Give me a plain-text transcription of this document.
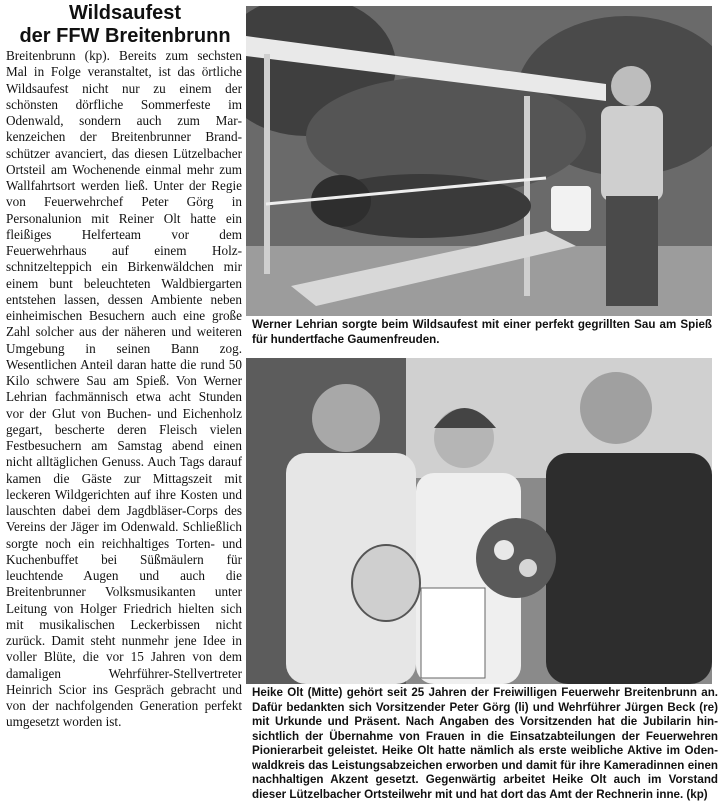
Wildsaufest
der FFW Breitenbrunn

Breitenbrunn (kp). Bereits zum sechsten Mal in Folge veranstaltet, ist das örtliche Wildsaufest nicht nur zu einem der schönsten dörfliche Sommerfeste im Odenwald, sondern auch zum Markenzeichen der Breitenbrunner Brandschützer avanciert, das diesen Lützelbacher Ortsteil am Wochenende einmal mehr zum Wallfahrtsort werden ließ. Unter der Regie von Feuerwehrchef Peter Görg in Personalunion mit Reiner Olt hatte ein fleißiges Helferteam vor dem Feuerwehrhaus auf einem Holzschnitzelteppich ein Birkenwäldchen mir einem bunt beleuchteten Waldbiergarten entstehen lassen, dessen Ambiente neben einheimischen Besuchern auch eine große Zahl solcher aus der näheren und weiteren Umgebung in seinen Bann zog. Wesentlichen Anteil daran hatte die rund 50 Kilo schwere Sau am Spieß. Von Werner Lehrian fachmännisch etwa acht Stunden vor der Glut von Buchen- und Eichenholz gegart, bescherte deren Fleisch vielen Festbesuchern am Samstag abend einen nicht alltäglichen Genuss. Auch Tags darauf kamen die Gäste zur Mittagszeit mit leckeren Wildgerichten auf ihre Kosten und lauschten dabei dem Jagdbläser-Corps des Vereins der Jäger im Odenwald. Schließlich sorgte noch ein reichhaltiges Torten- und Kuchenbuffet bei Süßmäulern für leuchtende Augen und auch die Breitenbrunner Volksmusikanten unter Leitung von Holger Friedrich hielten sich mit musikalischen Leckerbissen nicht zurück. Damit steht nunmehr jene Idee in voller Blüte, die vor 15 Jahren von dem damaligen Wehrführer-Stellvertreter Heinrich Scior ins Gespräch gebracht und von der nachfolgenden Generation perfekt umgesetzt worden ist.

Werner Lehrian sorgte beim Wildsaufest mit einer perfekt gegrillten Sau am Spieß für hundertfache Gaumenfreuden.

Heike Olt (Mitte) gehört seit 25 Jahren der Freiwilligen Feuerwehr Breitenbrunn an. Dafür bedankten sich Vorsitzender Peter Görg (li) und Wehrführer Jürgen Beck (re) mit Urkunde und Präsent. Nach Angaben des Vorsitzenden hat die Jubilarin hinsichtlich der Übernahme von Frauen in die Einsatzabteilungen der Feuerwehren Pionierarbeit geleistet. Heike Olt hatte nämlich als erste weibliche Aktive im Odenwaldkreis das Leistungsabzeichen erworben und damit für ihre Kameradinnen einen nachhaltigen Akzent gesetzt. Gegenwärtig arbeitet Heike Olt auch im Vorstand dieser Lützelbacher Ortsteilwehr mit und hat dort das Amt der Rechnerin inne. (kp)
